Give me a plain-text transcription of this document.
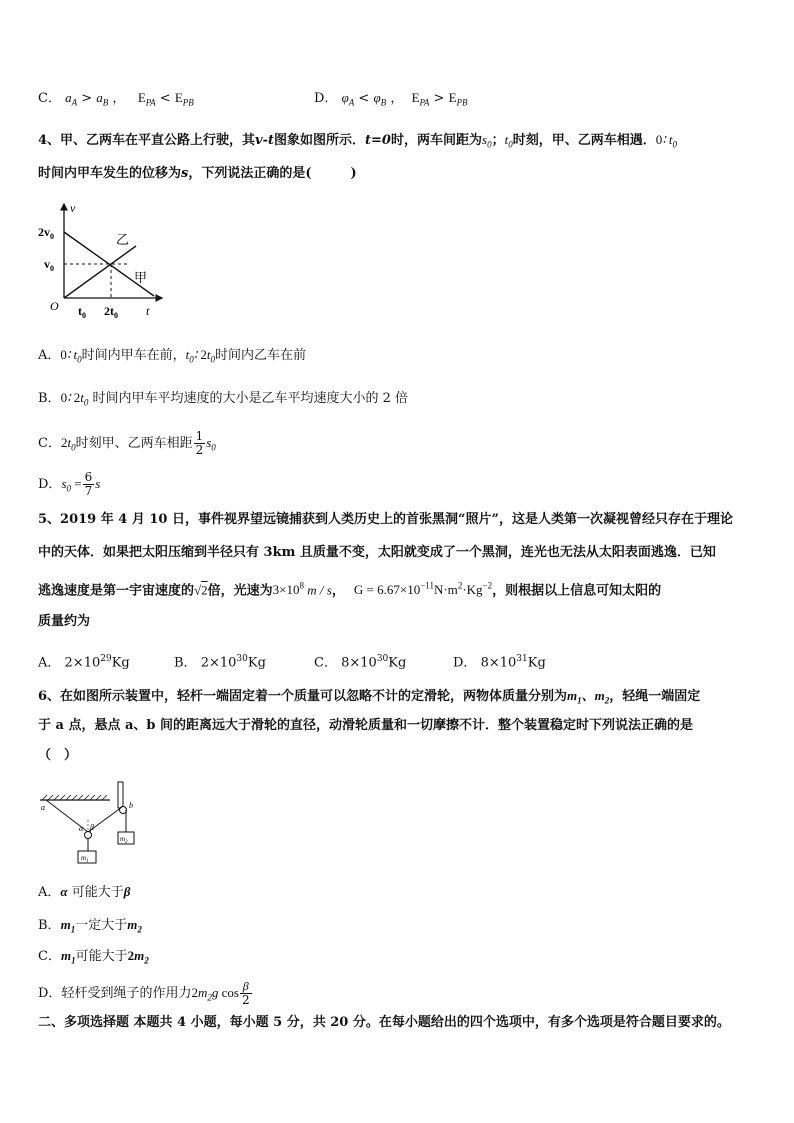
C． $a_A > a_B$ ， $E_{PA} < E_{PB}$	D． $\varphi_A < \varphi_B$ ， $E_{PA} > E_{PB}$
4、甲、乙两车在平直公路上行驶，其v-t图象如图所示．t=0时，两车间距为$s_0$；$t_0$时刻，甲、乙两车相遇．0∶ $t_0$
时间内甲车发生的位移为s，下列说法正确的是(　　　)
v
t
O
$2v_0$
$v_0$
$t_0$ $2t_0$
乙
甲
A．0∶ $t_0$时间内甲车在前，$t_0∶$ $2t_0$时间内乙车在前
B．0∶ $2t_0$ 时间内甲车平均速度的大小是乙车平均速度大小的 2 倍
C．$2t_0$时刻甲、乙两车相距 $\frac{1}{2} s_0$
D．$s_0 = \frac{6}{7}$ s
5、2019 年 4 月 10 日，事件视界望远镜捕获到人类历史上的首张黑洞“照片”，这是人类第一次凝视曾经只存在于理论
中的天体．如果把太阳压缩到半径只有 3km 且质量不变，太阳就变成了一个黑洞，连光也无法从太阳表面逃逸．已知
逃逸速度是第一宇宙速度的√2倍，光速为$3\times 10^8$ m / s， $G = 6.67\times 10^{-11}N\cdot m^2\cdot Kg^{-2}$，则根据以上信息可知太阳的
质量约为
A． $2\times 10^{29}Kg$	B． $2\times 10^{30}Kg$	C． $8\times 10^{30}Kg$	D． $8\times 10^{31}Kg$
6、在如图所示装置中，轻杆一端固定着一个质量可以忽略不计的定滑轮，两物体质量分别为$m_1$、$m_2$，轻绳一端固定
于 a 点，悬点 a、b 间的距离远大于滑轮的直径，动滑轮质量和一切摩擦不计．整个装置稳定时下列说法正确的是
（　）
a	b
α β
$m_1$
$m_2$
A．α 可能大于β
B．$m_1$一定大于$m_2$
C．$m_1$可能大于$2m_2$
D．轻杆受到绳子的作用力$2m_2g$ $\cos \frac{\beta}{2}$
二、多项选择题 本题共 4 小题，每小题 5 分，共 20 分。在每小题给出的四个选项中，有多个选项是符合题目要求的。
